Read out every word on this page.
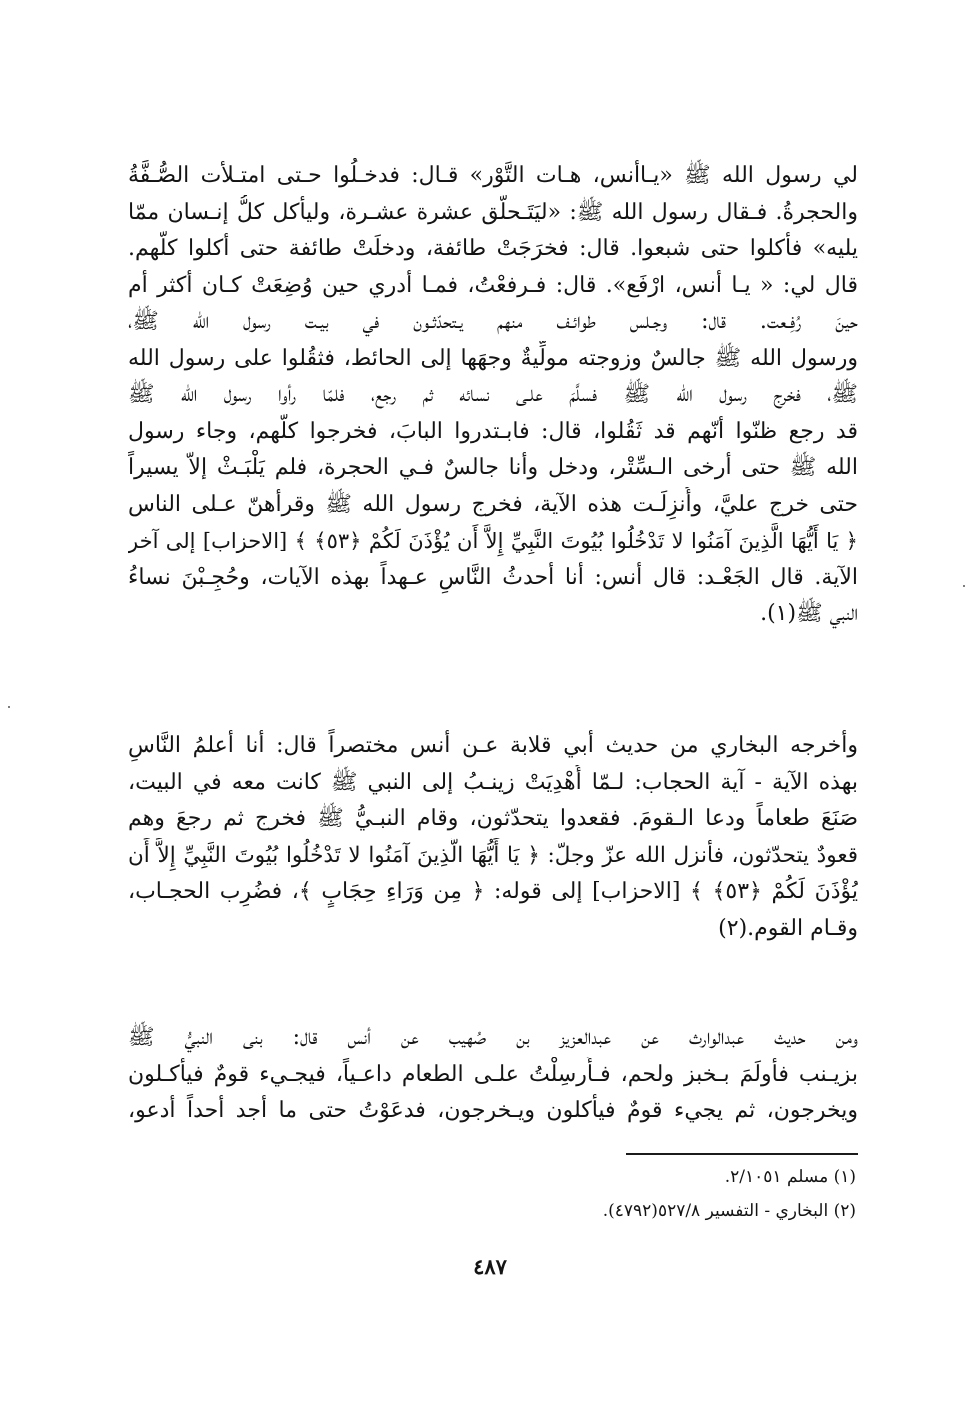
لي رسول الله ﷺ «يـاأنس، هـات التَّوْر» قـال: فدخـلُوا حـتى امتـلأت الصُّـفَّةُ
والحجرةُ. فـقال رسول الله ﷺ: «ليَتَـحلَّق عشرة عشـرة، وليأكل كلُّ إنـسان ممّا
يليه» فأكلوا حتى شبعوا. قال: فخرَجَتْ طائفة، ودخلَتْ طائفة حتى أكلوا كلُّهم.
قال لي: « يـا أنس، ارْفَع». قال: فـرفعْتُ، فمـا أدري حين وُضِعَتْ كـان أكثر أم
حينَ رُفِـعت. قال: وجـلس طوائـف منهم يـتحدّثـون في بيـت رسول الله ﷺ،
ورسول الله ﷺ جالسٌ وزوجته مولِّيةٌ وجهَها إلى الحائط، فثقُلوا على رسول الله
ﷺ، فخرج رسول الله ﷺ فسلَّمَ علـى نسائه ثم رجع، فلمّا رأوا رسول الله ﷺ
قد رجع ظنّوا أنّهم قد ثَقُلوا، قال: فابـتدروا البابَ، فخرجوا كلُّهم، وجاء رسول
الله ﷺ حتى أرخى الـسِّتْر، ودخل وأنا جالسٌ فـي الحجرة، فلم يَلْبَـثْ إلاّ يسيراً
حتى خرج عليَّ، وأُنزِلَـت هذه الآية، فخرج رسول الله ﷺ وقرأهنّ عـلى الناس
﴿ يَا أَيُّهَا الَّذِينَ آمَنُوا لا تَدْخُلُوا بُيُوتَ النَّبِيِّ إِلاَّ أَن يُؤْذَنَ لَكُمْ ﴿٥٣﴾ ﴾ [الاحزاب] إلى آخر
الآية. قال الجَعْـد: قال أنس: أنا أحدثُ النَّاسِ عـهداً بهذه الآيات، وحُجِـبْنَ نساءُ
النبي ﷺ(١).
وأخرجه البخاري من حديث أبي قلابة عـن أنس مختصراً قال: أنا أعلمُ النَّاسِ
بهذه الآية - آية الحجاب: لـمّا أُهْدِيَتْ زينـبُ إلى النبي ﷺ كانت معه في البيت،
صَنَعَ طعاماً ودعا الـقومَ. فقعدوا يتحدّثون، وقام النبـيُّ ﷺ فخرج ثم رجعَ وهم
قعودٌ يتحدّثون، فأنزل الله عزّ وجلّ: ﴿ يَا أَيُّهَا الَّذِينَ آمَنُوا لا تَدْخُلُوا بُيُوتَ النَّبِيِّ إِلاَّ أَن
يُؤْذَنَ لَكُمْ ﴿٥٣﴾ ﴾ [الاحزاب] إلى قوله: ﴿ مِن وَرَاءِ حِجَابٍ ﴾، فضُرِب الحجـاب،
وقـام القوم.(٢)
ومن حديث عبدالوارث عن عبدالعزيز بن صُهيب عن أنس قال: بنى النبيُّ ﷺ
بزيـنب فأولَمَ بـخبز ولحم، فـأُرسِلْتُ علـى الطعام داعـياً، فيجـيء قومٌ فيأكـلون
ويخرجون، ثم يجيء قومٌ فيأكلون ويـخرجون، فدعَوْتُ حتى ما أجد أحداً أدعو،
(١) مسلم ٢/١٠٥١.
(٢) البخاري - التفسير ٥٢٧/٨(٤٧٩٢).
٤٨٧
